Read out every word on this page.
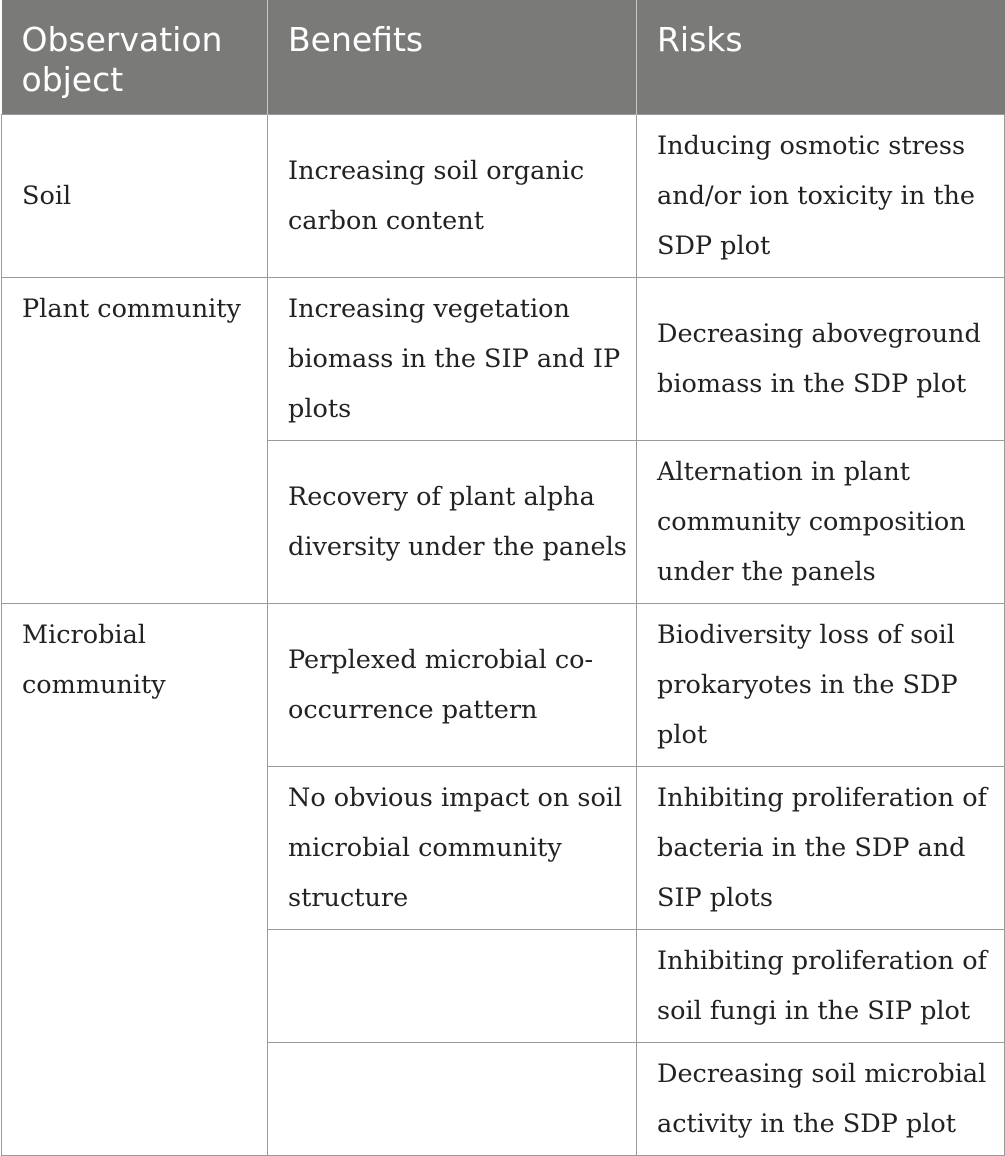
Observation object	Benefits	Risks
Soil	Increasing soil organic carbon content	Inducing osmotic stress and/or ion toxicity in the SDP plot
Plant community	Increasing vegetation biomass in the SIP and IP plots	Decreasing aboveground biomass in the SDP plot
	Recovery of plant alpha diversity under the panels	Alternation in plant community composition under the panels
Microbial community	Perplexed microbial co-occurrence pattern	Biodiversity loss of soil prokaryotes in the SDP plot
	No obvious impact on soil microbial community structure	Inhibiting proliferation of bacteria in the SDP and SIP plots
		Inhibiting proliferation of soil fungi in the SIP plot
		Decreasing soil microbial activity in the SDP plot
